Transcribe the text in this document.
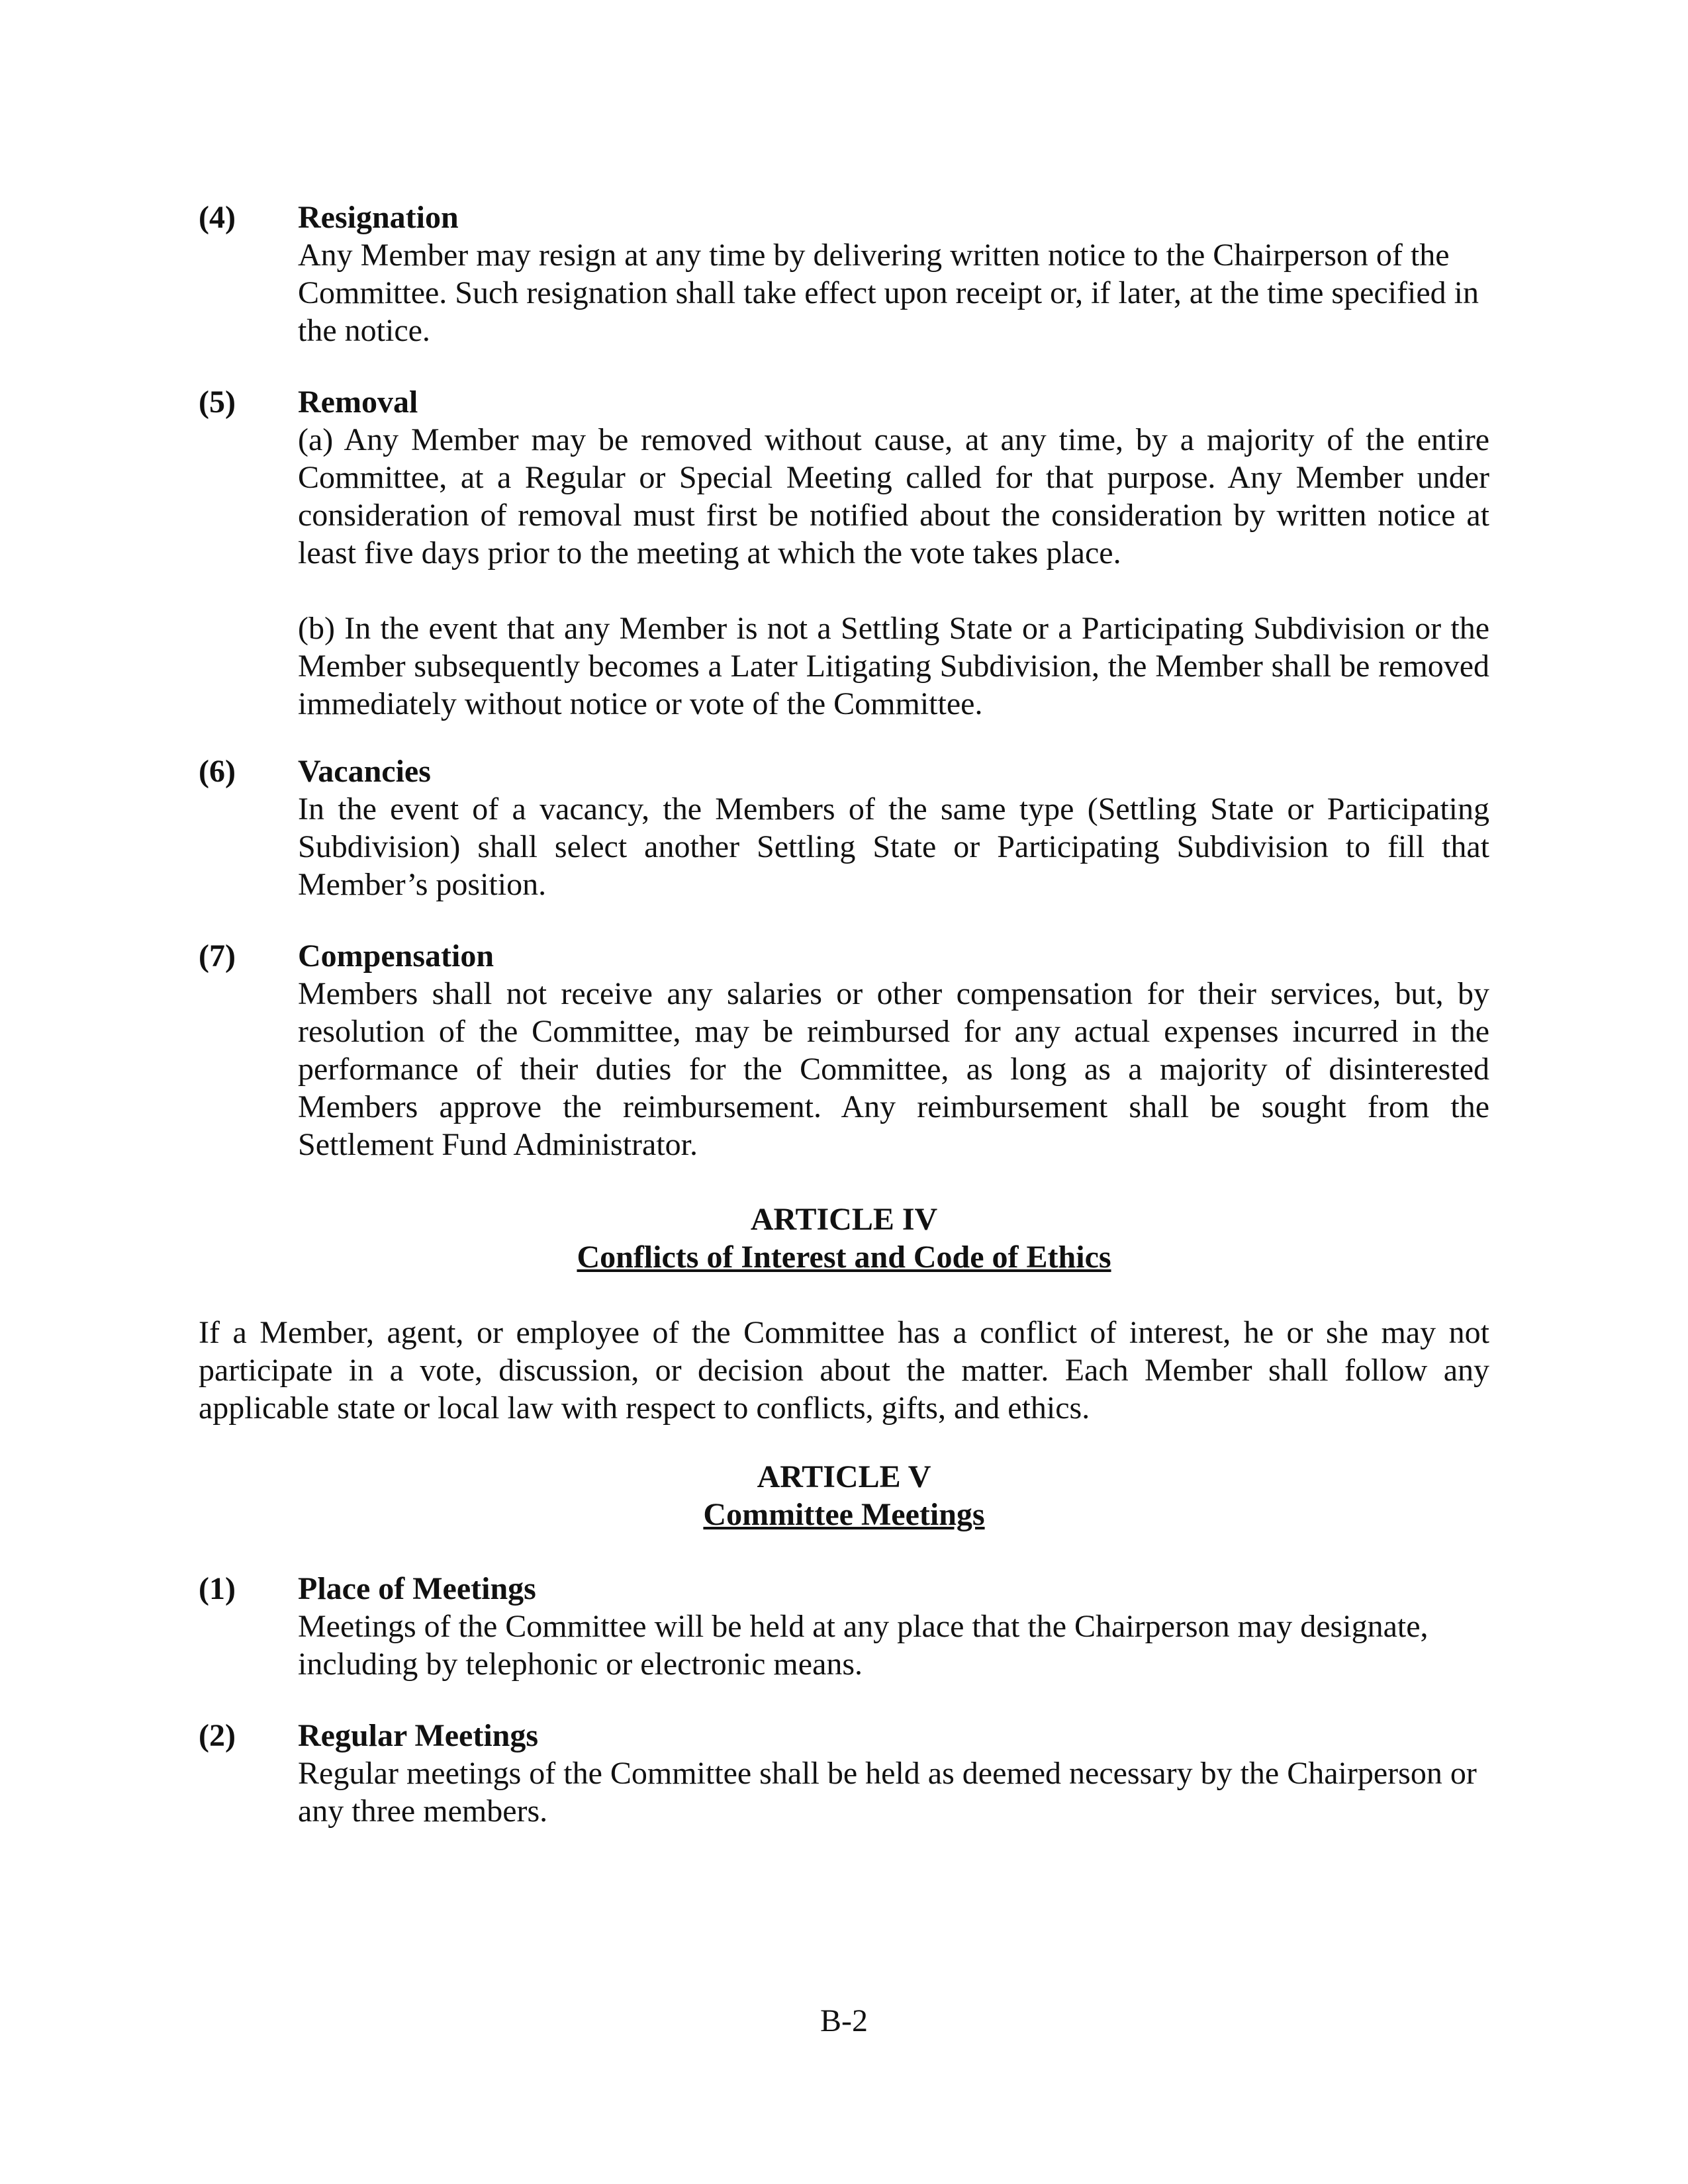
(4)	Resignation

Any Member may resign at any time by delivering written notice to the Chairperson of the Committee. Such resignation shall take effect upon receipt or, if later, at the time specified in the notice.

(5)	Removal

(a) Any Member may be removed without cause, at any time, by a majority of the entire Committee, at a Regular or Special Meeting called for that purpose. Any Member under consideration of removal must first be notified about the consideration by written notice at least five days prior to the meeting at which the vote takes place.

(b) In the event that any Member is not a Settling State or a Participating Subdivision or the Member subsequently becomes a Later Litigating Subdivision, the Member shall be removed immediately without notice or vote of the Committee.

(6)	Vacancies

In the event of a vacancy, the Members of the same type (Settling State or Participating Subdivision) shall select another Settling State or Participating Subdivision to fill that Member’s position.

(7)	Compensation

Members shall not receive any salaries or other compensation for their services, but, by resolution of the Committee, may be reimbursed for any actual expenses incurred in the performance of their duties for the Committee, as long as a majority of disinterested Members approve the reimbursement. Any reimbursement shall be sought from the Settlement Fund Administrator.

ARTICLE IV
Conflicts of Interest and Code of Ethics

If a Member, agent, or employee of the Committee has a conflict of interest, he or she may not participate in a vote, discussion, or decision about the matter. Each Member shall follow any applicable state or local law with respect to conflicts, gifts, and ethics.

ARTICLE V
Committee Meetings
(1)	Place of Meetings

Meetings of the Committee will be held at any place that the Chairperson may designate, including by telephonic or electronic means.

(2)	Regular Meetings

Regular meetings of the Committee shall be held as deemed necessary by the Chairperson or any three members.

B-2
